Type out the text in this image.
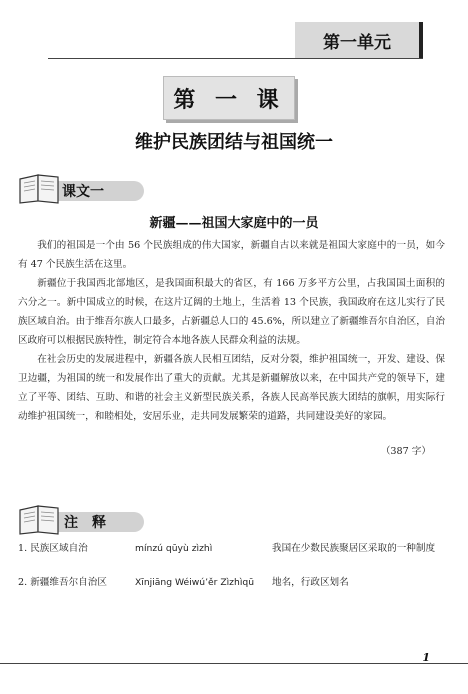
第一单元
第 一 课
维护民族团结与祖国统一
课文一
新疆——祖国大家庭中的一员

我们的祖国是一个由 56 个民族组成的伟大国家，新疆自古以来就是祖国大家庭中的一员，如今有 47 个民族生活在这里。

新疆位于我国西北部地区，是我国面积最大的省区，有 166 万多平方公里，占我国国土面积的六分之一。新中国成立的时候，在这片辽阔的土地上，生活着 13 个民族，我国政府在这儿实行了民族区域自治。由于维吾尔族人口最多，占新疆总人口的 45.6%，所以建立了新疆维吾尔自治区，自治区政府可以根据民族特性，制定符合本地各族人民群众利益的法规。

在社会历史的发展进程中，新疆各族人民相互团结，反对分裂，维护祖国统一，开发、建设、保卫边疆，为祖国的统一和发展作出了重大的贡献。尤其是新疆解放以来，在中国共产党的领导下，建立了平等、团结、互助、和谐的社会主义新型民族关系，各族人民高举民族大团结的旗帜，用实际行动维护祖国统一，和睦相处，安居乐业，走共同发展繁荣的道路，共同建设美好的家园。

（387 字）
注　释
1. 民族区域自治	mínzú qūyù zìzhì	我国在少数民族聚居区采取的一种制度
2. 新疆维吾尔自治区	Xīnjiāng Wéiwú’ěr Zìzhìqū 地名，行政区划名
1
